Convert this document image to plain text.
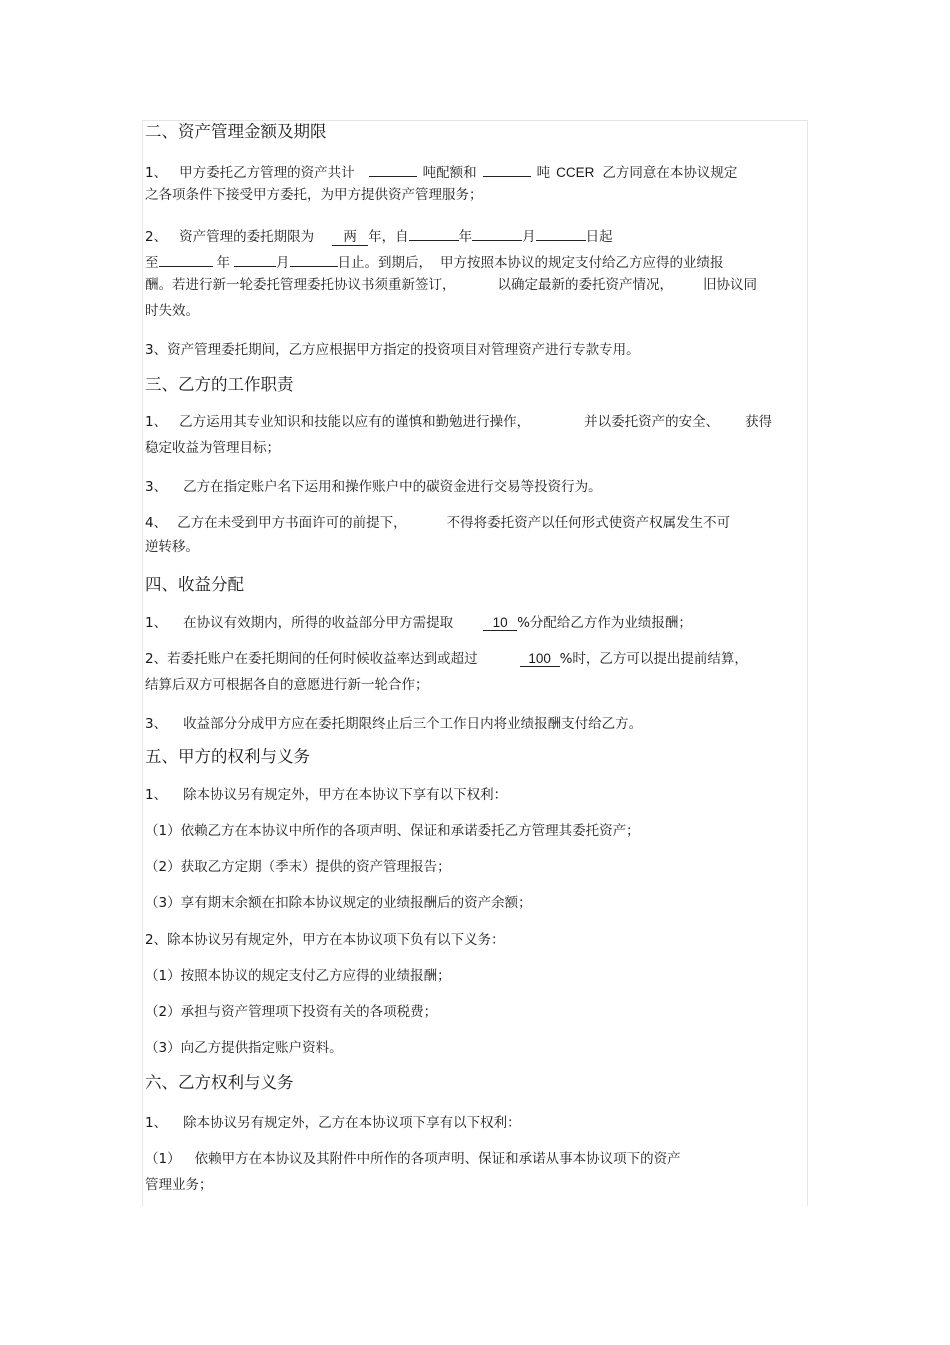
二、资产管理金额及期限
1、 甲方委托乙方管理的资产共计	吨配额和	吨 CCER 乙方同意在本协议规定
之各项条件下接受甲方委托，为甲方提供资产管理服务；
2、 资产管理的委托期限为 两 年，自	年	月	日起
至	年	月	日止。到期后， 甲方按照本协议的规定支付给乙方应得的业绩报
酬。若进行新一轮委托管理委托协议书须重新签订，	以确定最新的委托资产情况， 旧协议同
时失效。
3、资产管理委托期间，乙方应根据甲方指定的投资项目对管理资产进行专款专用。
三、乙方的工作职责
1、 乙方运用其专业知识和技能以应有的谨慎和勤勉进行操作，	并以委托资产的安全、 获得
稳定收益为管理目标；
3、 乙方在指定账户名下运用和操作账户中的碳资金进行交易等投资行为。
4、 乙方在未受到甲方书面许可的前提下，	不得将委托资产以任何形式使资产权属发生不可
逆转移。
四、收益分配
1、 在协议有效期内，所得的收益部分甲方需提取	10 %分配给乙方作为业绩报酬；
2、若委托账户在委托期间的任何时候收益率达到或超过	100 %时，乙方可以提出提前结算，
结算后双方可根据各自的意愿进行新一轮合作；
3、 收益部分分成甲方应在委托期限终止后三个工作日内将业绩报酬支付给乙方。
五、甲方的权利与义务
1、 除本协议另有规定外，甲方在本协议下享有以下权利：
（1）依赖乙方在本协议中所作的各项声明、保证和承诺委托乙方管理其委托资产；
（2）获取乙方定期（季末）提供的资产管理报告；
（3）享有期末余额在扣除本协议规定的业绩报酬后的资产余额；
2、除本协议另有规定外，甲方在本协议项下负有以下义务：
（1）按照本协议的规定支付乙方应得的业绩报酬；
（2）承担与资产管理项下投资有关的各项税费；
（3）向乙方提供指定账户资料。
六、乙方权利与义务
1、 除本协议另有规定外，乙方在本协议项下享有以下权利：
（1） 依赖甲方在本协议及其附件中所作的各项声明、保证和承诺从事本协议项下的资产
管理业务；
